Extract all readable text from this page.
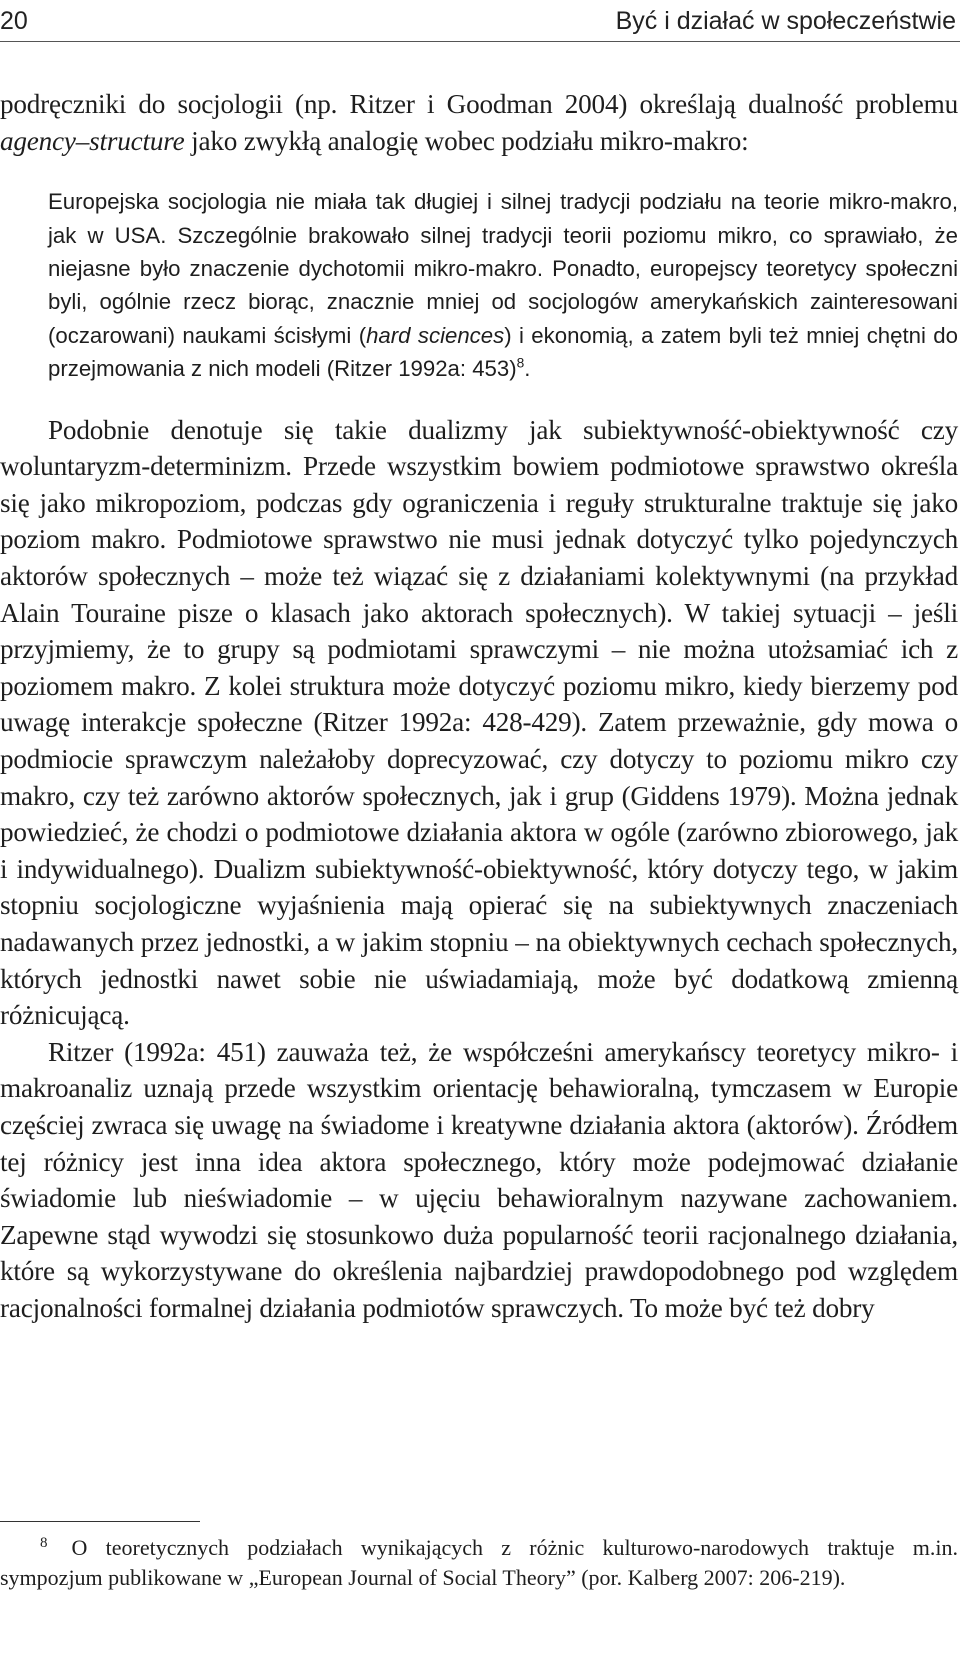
20	Być i działać w społeczeństwie

podręczniki do socjologii (np. Ritzer i Goodman 2004) określają dualność problemu agency–structure jako zwykłą analogię wobec podziału mikro-makro:

Europejska socjologia nie miała tak długiej i silnej tradycji podziału na teorie mikro-makro, jak w USA. Szczególnie brakowało silnej tradycji teorii poziomu mikro, co sprawiało, że niejasne było znaczenie dychotomii mikro-makro. Ponadto, europejscy teoretycy społeczni byli, ogólnie rzecz biorąc, znacznie mniej od socjologów amerykańskich zainteresowani (oczarowani) naukami ścisłymi (hard sciences) i ekonomią, a zatem byli też mniej chętni do przejmowania z nich modeli (Ritzer 1992a: 453)$^8$.

Podobnie denotuje się takie dualizmy jak subiektywność-obiektywność czy woluntaryzm-determinizm. Przede wszystkim bowiem podmiotowe sprawstwo określa się jako mikropoziom, podczas gdy ograniczenia i reguły strukturalne traktuje się jako poziom makro. Podmiotowe sprawstwo nie musi jednak dotyczyć tylko pojedynczych aktorów społecznych – może też wiązać się z działaniami kolektywnymi (na przykład Alain Touraine pisze o klasach jako aktorach społecznych). W takiej sytuacji – jeśli przyjmiemy, że to grupy są podmiotami sprawczymi – nie można utożsamiać ich z poziomem makro. Z kolei struktura może dotyczyć poziomu mikro, kiedy bierzemy pod uwagę interakcje społeczne (Ritzer 1992a: 428-429). Zatem przeważnie, gdy mowa o podmiocie sprawczym należałoby doprecyzować, czy dotyczy to poziomu mikro czy makro, czy też zarówno aktorów społecznych, jak i grup (Giddens 1979). Można jednak powiedzieć, że chodzi o podmiotowe działania aktora w ogóle (zarówno zbiorowego, jak i indywidualnego). Dualizm subiektywność-obiektywność, który dotyczy tego, w jakim stopniu socjologiczne wyjaśnienia mają opierać się na subiektywnych znaczeniach nadawanych przez jednostki, a w jakim stopniu – na obiektywnych cechach społecznych, których jednostki nawet sobie nie uświadamiają, może być dodatkową zmienną różnicującą.

Ritzer (1992a: 451) zauważa też, że współcześni amerykańscy teoretycy mikro- i makroanaliz uznają przede wszystkim orientację behawioralną, tymczasem w Europie częściej zwraca się uwagę na świadome i kreatywne działania aktora (aktorów). Źródłem tej różnicy jest inna idea aktora społecznego, który może podejmować działanie świadomie lub nieświadomie – w ujęciu behawioralnym nazywane zachowaniem. Zapewne stąd wywodzi się stosunkowo duża popularność teorii racjonalnego działania, które są wykorzystywane do określenia najbardziej prawdopodobnego pod względem racjonalności formalnej działania podmiotów sprawczych. To może być też dobry

$^8$ O teoretycznych podziałach wynikających z różnic kulturowo-narodowych traktuje m.in. sympozjum publikowane w „European Journal of Social Theory” (por. Kalberg 2007: 206-219).
